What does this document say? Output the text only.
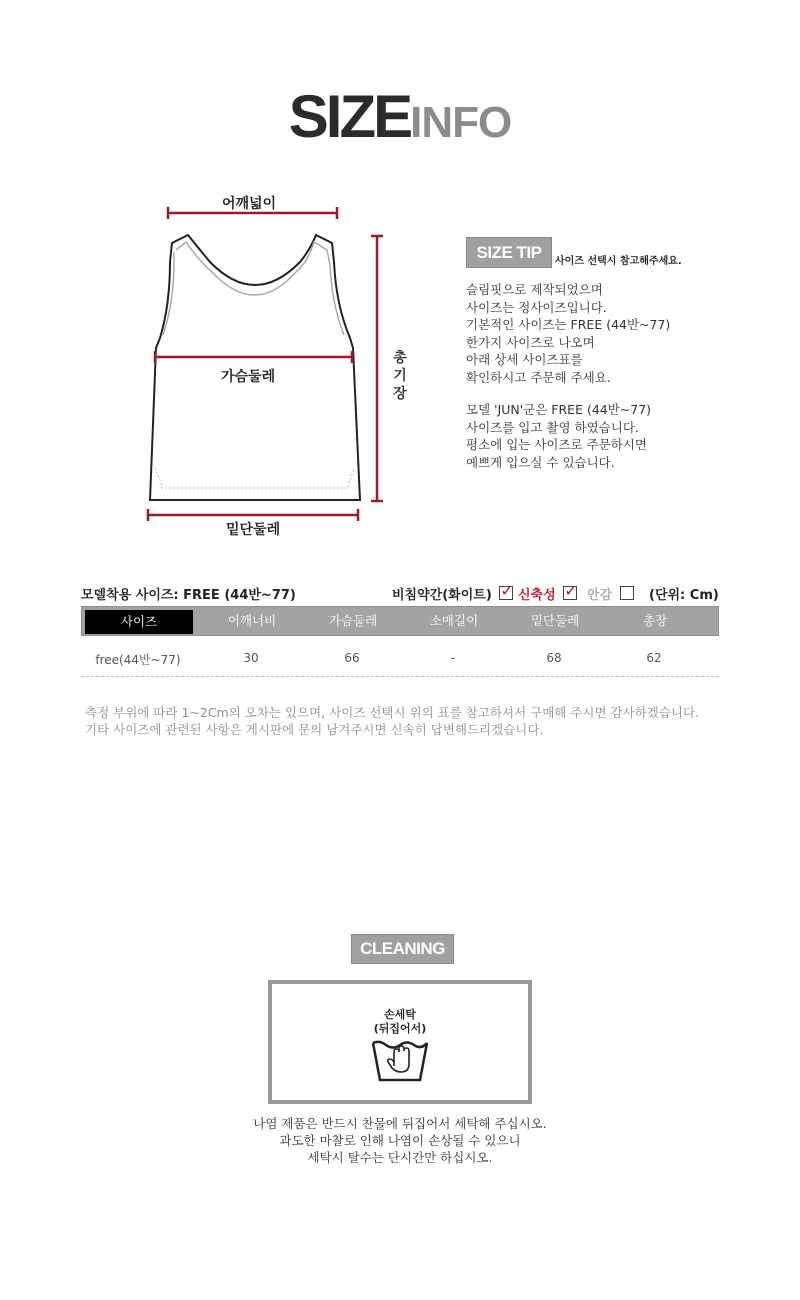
SIZEINFO
어깨넓이
가슴둘레
밑단둘레
총
기
장
SIZE TIP	사이즈 선택시 참고해주세요.
슬림핏으로 제작되었으며
사이즈는 정사이즈입니다.
기본적인 사이즈는 FREE (44반~77)
한가지 사이즈로 나오며
아래 상세 사이즈표를
확인하시고 주문해 주세요.
모델 'JUN'군은 FREE (44반~77)
사이즈를 입고 촬영 하였습니다.
평소에 입는 사이즈로 주문하시면
예쁘게 입으실 수 있습니다.
모델착용 사이즈: FREE (44반~77)	비침약간(화이트) ✓ 신축성 ✓ 안감	(단위: Cm)
사이즈	어깨너비	가슴둘레	소매길이	밑단둘레	총장
free(44반~77)	30	66	-	68	62
측정 부위에 따라 1~2Cm의 오차는 있으며, 사이즈 선택시 위의 표를 참고하셔서 구매해 주시면 감사하겠습니다.
기타 사이즈에 관련된 사항은 게시판에 문의 남겨주시면 신속히 답변해드리겠습니다.
CLEANING
손세탁
(뒤집어서)
나염 제품은 반드시 찬물에 뒤집어서 세탁해 주십시오.
과도한 마찰로 인해 나염이 손상될 수 있으니
세탁시 탈수는 단시간만 하십시오.
